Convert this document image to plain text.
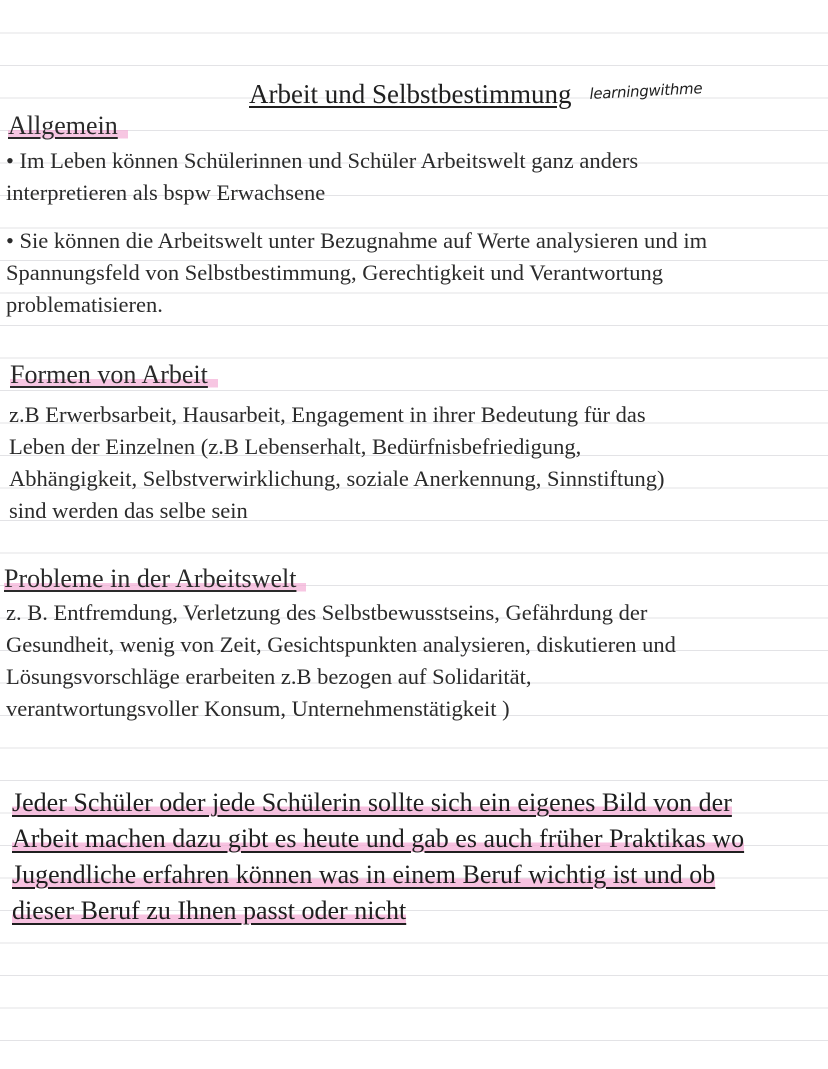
Arbeit und Selbstbestimmung learningwithme
Allgemein
• Im Leben können Schülerinnen und Schüler Arbeitswelt ganz anders
interpretieren als bspw Erwachsene
• Sie können die Arbeitswelt unter Bezugnahme auf Werte analysieren und im
Spannungsfeld von Selbstbestimmung, Gerechtigkeit und Verantwortung
problematisieren.
Formen von Arbeit
z.B Erwerbsarbeit, Hausarbeit, Engagement in ihrer Bedeutung für das
Leben der Einzelnen (z.B Lebenserhalt, Bedürfnisbefriedigung,
Abhängigkeit, Selbstverwirklichung, soziale Anerkennung, Sinnstiftung)
sind werden das selbe sein
Probleme in der Arbeitswelt
z. B. Entfremdung, Verletzung des Selbstbewusstseins, Gefährdung der
Gesundheit, wenig von Zeit, Gesichtspunkten analysieren, diskutieren und
Lösungsvorschläge erarbeiten z.B bezogen auf Solidarität,
verantwortungsvoller Konsum, Unternehmenstätigkeit )
Jeder Schüler oder jede Schülerin sollte sich ein eigenes Bild von der
Arbeit machen dazu gibt es heute und gab es auch früher Praktikas wo
Jugendliche erfahren können was in einem Beruf wichtig ist und ob
dieser Beruf zu Ihnen passt oder nicht
